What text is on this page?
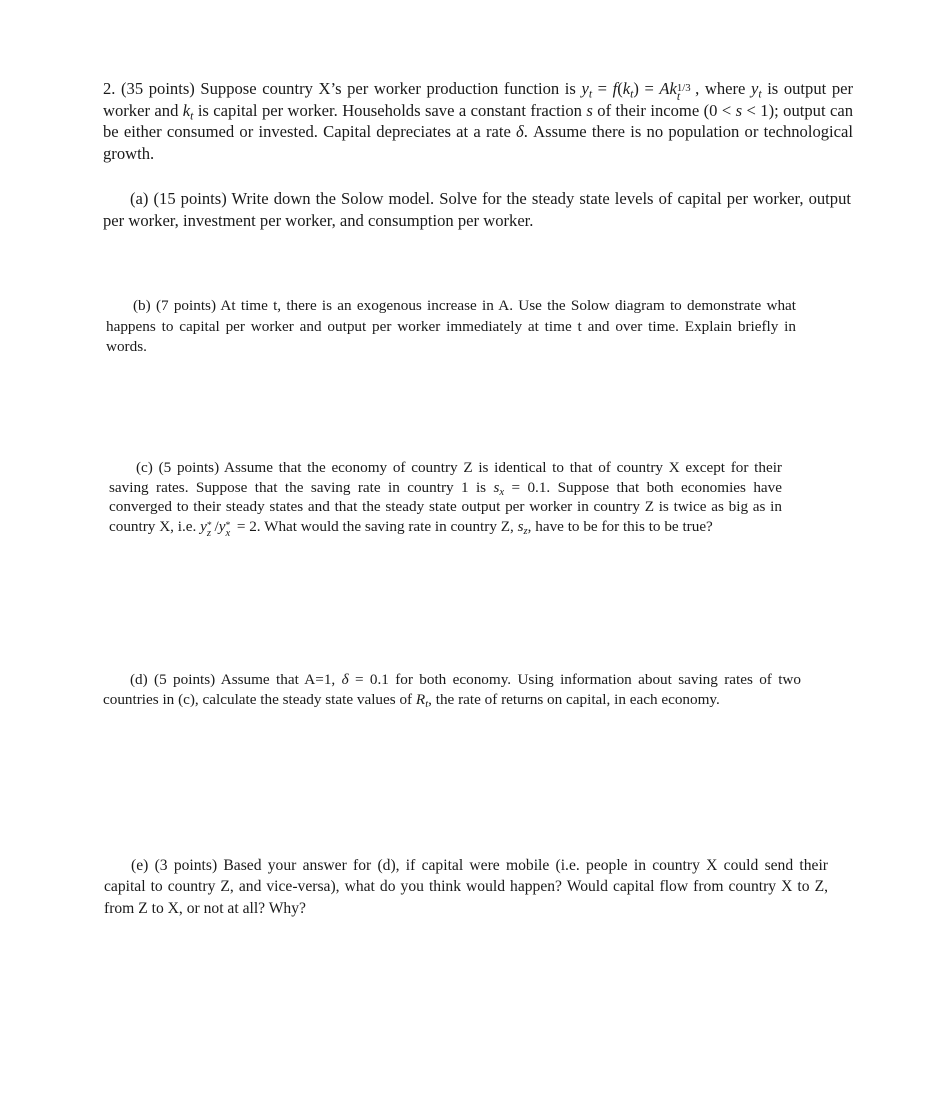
2. (35 points) Suppose country X’s per worker production function is $y_t = f(k_t) = Ak$ 1/3
t , where $y_t$ is output per worker and $k_t$ is capital per worker. Households save a constant fraction s of their income (0 < s < 1); output can be either consumed or invested. Capital depreciates at a rate δ. Assume there is no population or technological growth.

(a) (15 points) Write down the Solow model. Solve for the steady state levels of capital per worker, output per worker, investment per worker, and consumption per worker.

(b) (7 points) At time t, there is an exogenous increase in A. Use the Solow diagram to demonstrate what happens to capital per worker and output per worker immediately at time t and over time. Explain briefly in words.

(c) (5 points) Assume that the economy of country Z is identical to that of country X except for their saving rates. Suppose that the saving rate in country 1 is $s_x = 0.1$. Suppose that both economies have converged to their steady states and that the steady state output per worker in country Z is twice as big as in country X, i.e. y *
z /y *
x = 2. What would the saving rate in country Z, $s_z$, have to be for this to be true?

(d) (5 points) Assume that A=1, δ = 0.1 for both economy. Using information about saving rates of two countries in (c), calculate the steady state values of $R_t$, the rate of returns on capital, in each economy.

(e) (3 points) Based your answer for (d), if capital were mobile (i.e. people in country X could send their capital to country Z, and vice-versa), what do you think would happen? Would capital flow from country X to Z, from Z to X, or not at all? Why?
